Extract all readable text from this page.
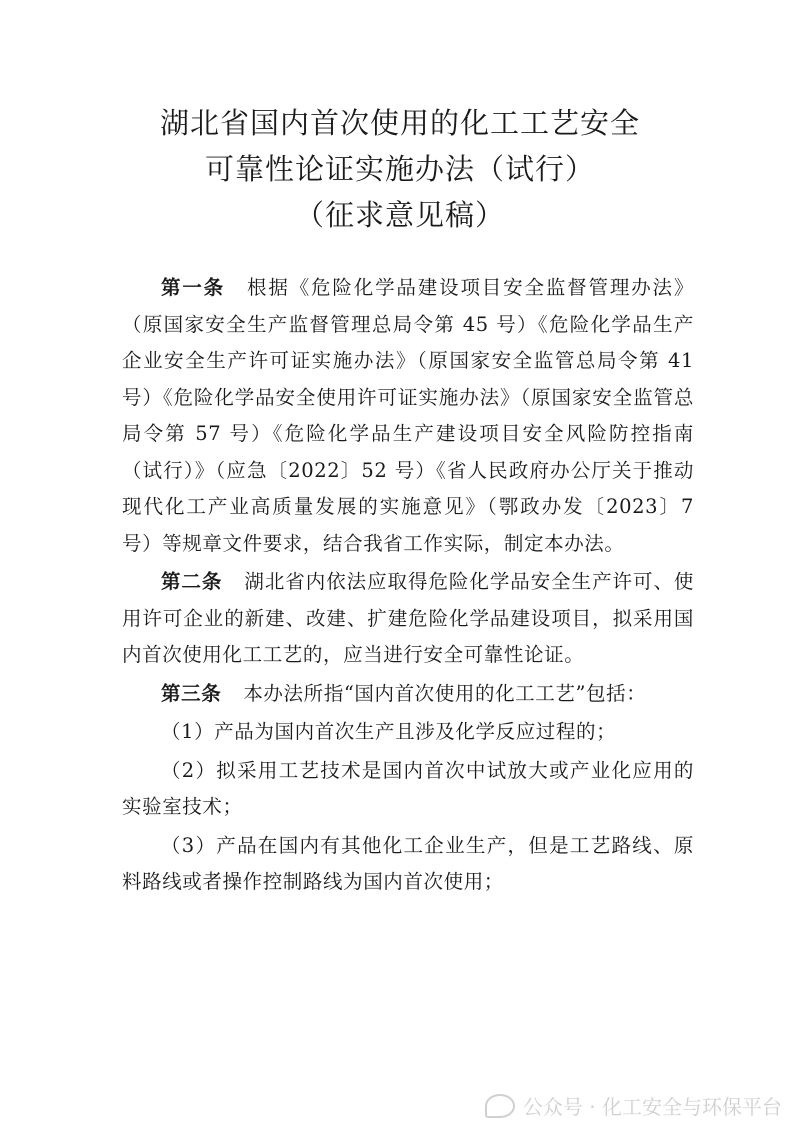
湖北省国内首次使用的化工工艺安全
可靠性论证实施办法（试行）
（征求意见稿）

第一条 根据《危险化学品建设项目安全监督管理办法》（原国家安全生产监督管理总局令第 45 号）《危险化学品生产企业安全生产许可证实施办法》（原国家安全监管总局令第 41 号）《危险化学品安全使用许可证实施办法》（原国家安全监管总局令第 57 号）《危险化学品生产建设项目安全风险防控指南（试行）》（应急〔2022〕52 号）《省人民政府办公厅关于推动现代化工产业高质量发展的实施意见》（鄂政办发〔2023〕7 号）等规章文件要求，结合我省工作实际，制定本办法。

第二条 湖北省内依法应取得危险化学品安全生产许可、使用许可企业的新建、改建、扩建危险化学品建设项目，拟采用国内首次使用化工工艺的，应当进行安全可靠性论证。

第三条 本办法所指“国内首次使用的化工工艺”包括：

（1）产品为国内首次生产且涉及化学反应过程的；

（2）拟采用工艺技术是国内首次中试放大或产业化应用的实验室技术；

（3）产品在国内有其他化工企业生产，但是工艺路线、原料路线或者操作控制路线为国内首次使用；

公众号 · 化工安全与环保平台
